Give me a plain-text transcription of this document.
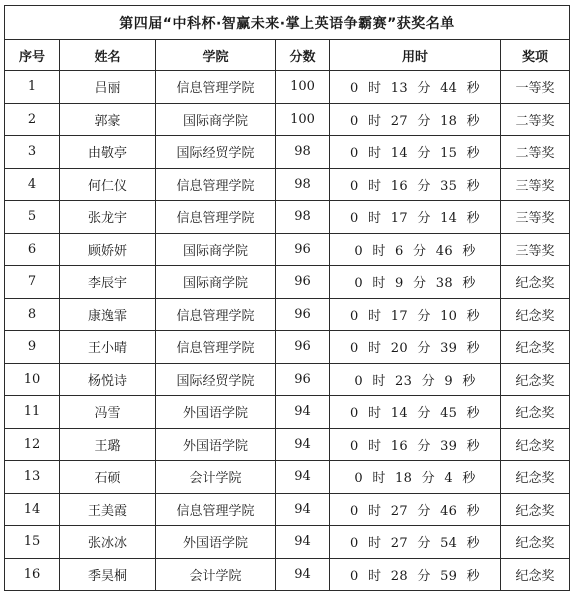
第四届“中科杯·智赢未来·掌上英语争霸赛”获奖名单					
序号	姓名	学院	分数	用时	奖项
1	吕丽	信息管理学院	100	0 时 13 分 44 秒	一等奖
2	郭豪	国际商学院	100	0 时 27 分 18 秒	二等奖
3	由敬亭	国际经贸学院	98	0 时 14 分 15 秒	二等奖
4	何仁仪	信息管理学院	98	0 时 16 分 35 秒	三等奖
5	张龙宇	信息管理学院	98	0 时 17 分 14 秒	三等奖
6	顾娇妍	国际商学院	96	0 时 6 分 46 秒	三等奖
7	李辰宇	国际商学院	96	0 时 9 分 38 秒	纪念奖
8	康逸霏	信息管理学院	96	0 时 17 分 10 秒	纪念奖
9	王小晴	信息管理学院	96	0 时 20 分 39 秒	纪念奖
10	杨悦诗	国际经贸学院	96	0 时 23 分 9 秒	纪念奖
11	冯雪	外国语学院	94	0 时 14 分 45 秒	纪念奖
12	王璐	外国语学院	94	0 时 16 分 39 秒	纪念奖
13	石硕	会计学院	94	0 时 18 分 4 秒	纪念奖
14	王美霞	信息管理学院	94	0 时 27 分 46 秒	纪念奖
15	张冰冰	外国语学院	94	0 时 27 分 54 秒	纪念奖
16	季昊桐	会计学院	94	0 时 28 分 59 秒	纪念奖
